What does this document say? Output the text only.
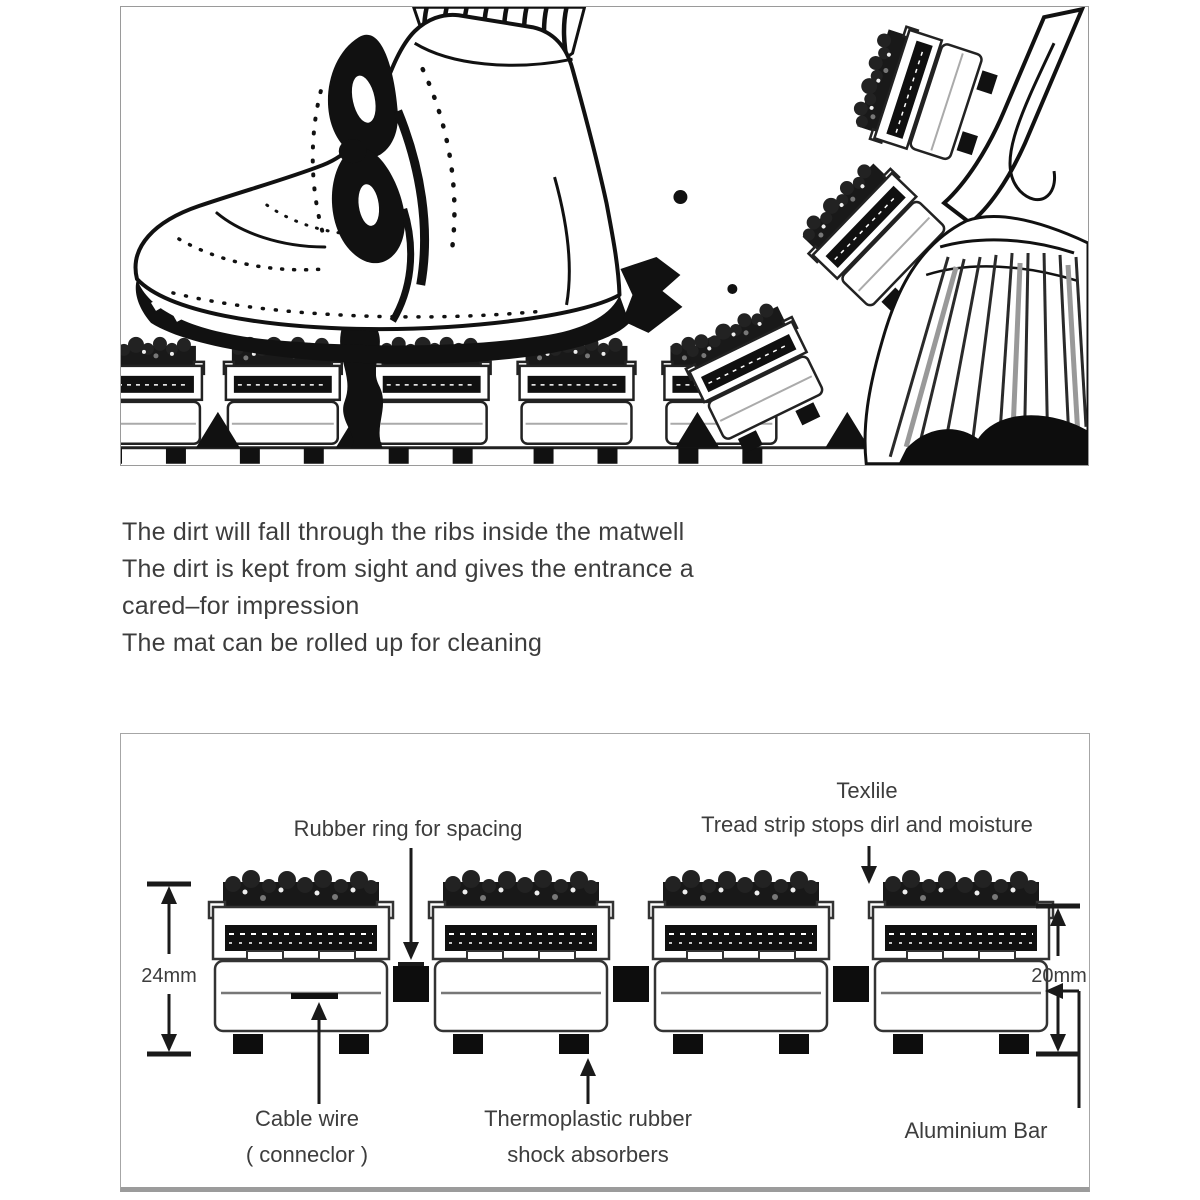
The dirt will fall through the ribs inside the matwell
The dirt is kept from sight and gives the entrance a
cared–for impression
The mat can be rolled up for cleaning
Rubber ring for spacing
Texlile
Tread strip stops dirl and moisture
24mm	20mm
Cable wire
( conneclor )
Thermoplastic rubber
shock absorbers
Aluminium Bar
